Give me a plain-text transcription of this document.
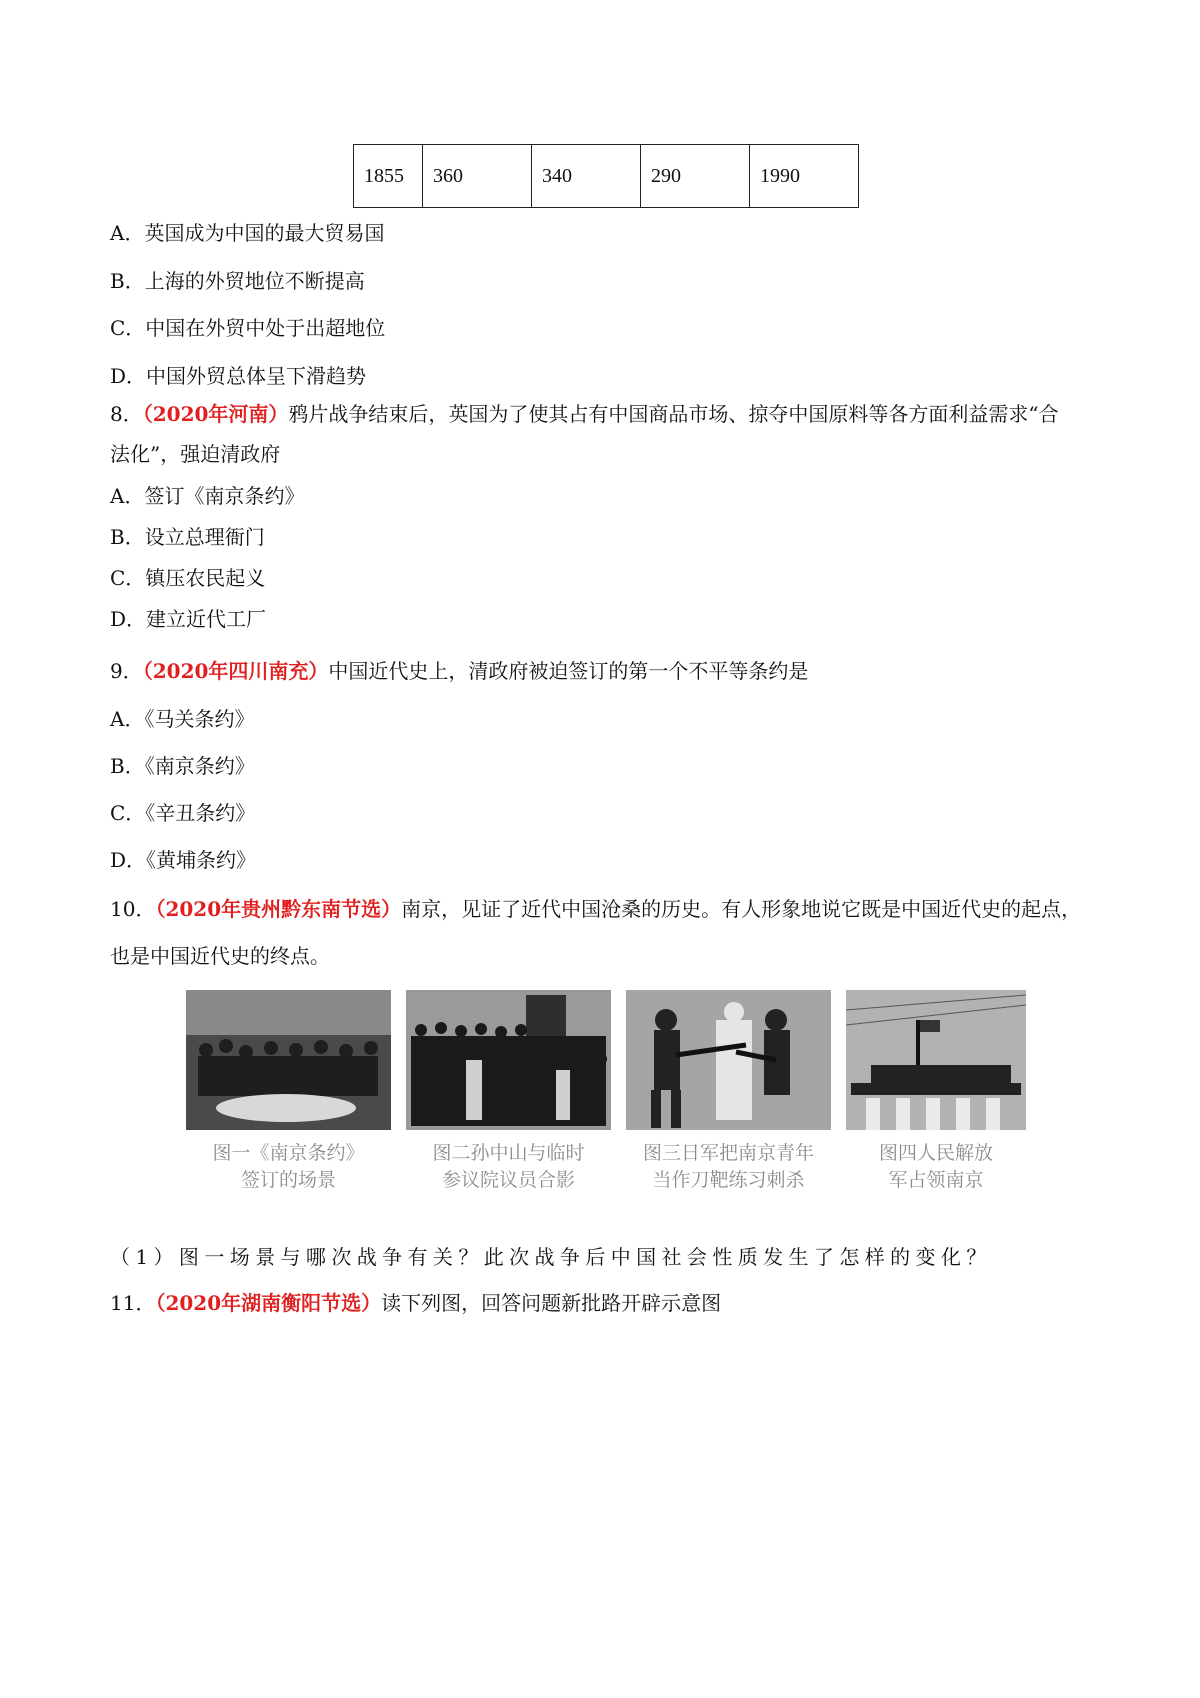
1855	360	340	290	1990
A．英国成为中国的最大贸易国
B．上海的外贸地位不断提高
C．中国在外贸中处于出超地位
D．中国外贸总体呈下滑趋势
8．（2020年河南）鸦片战争结束后，英国为了使其占有中国商品市场、掠夺中国原料等各方面利益需求“合
法化”，强迫清政府
A．签订《南京条约》
B．设立总理衙门
C．镇压农民起义
D．建立近代工厂
9．（2020年四川南充）中国近代史上，清政府被迫签订的第一个不平等条约是
A．《马关条约》
B．《南京条约》
C．《辛丑条约》
D．《黄埔条约》
10．（2020年贵州黔东南节选）南京，见证了近代中国沧桑的历史。有人形象地说它既是中国近代史的起点，
也是中国近代史的终点。
图一《南京条约》
签订的场景
图二孙中山与临时
参议院议员合影
图三日军把南京青年
当作刀靶练习刺杀
图四人民解放
军占领南京
（1）图一场景与哪次战争有关？此次战争后中国社会性质发生了怎样的变化？
11．（2020年湖南衡阳节选）读下列图，回答问题新批路开辟示意图
